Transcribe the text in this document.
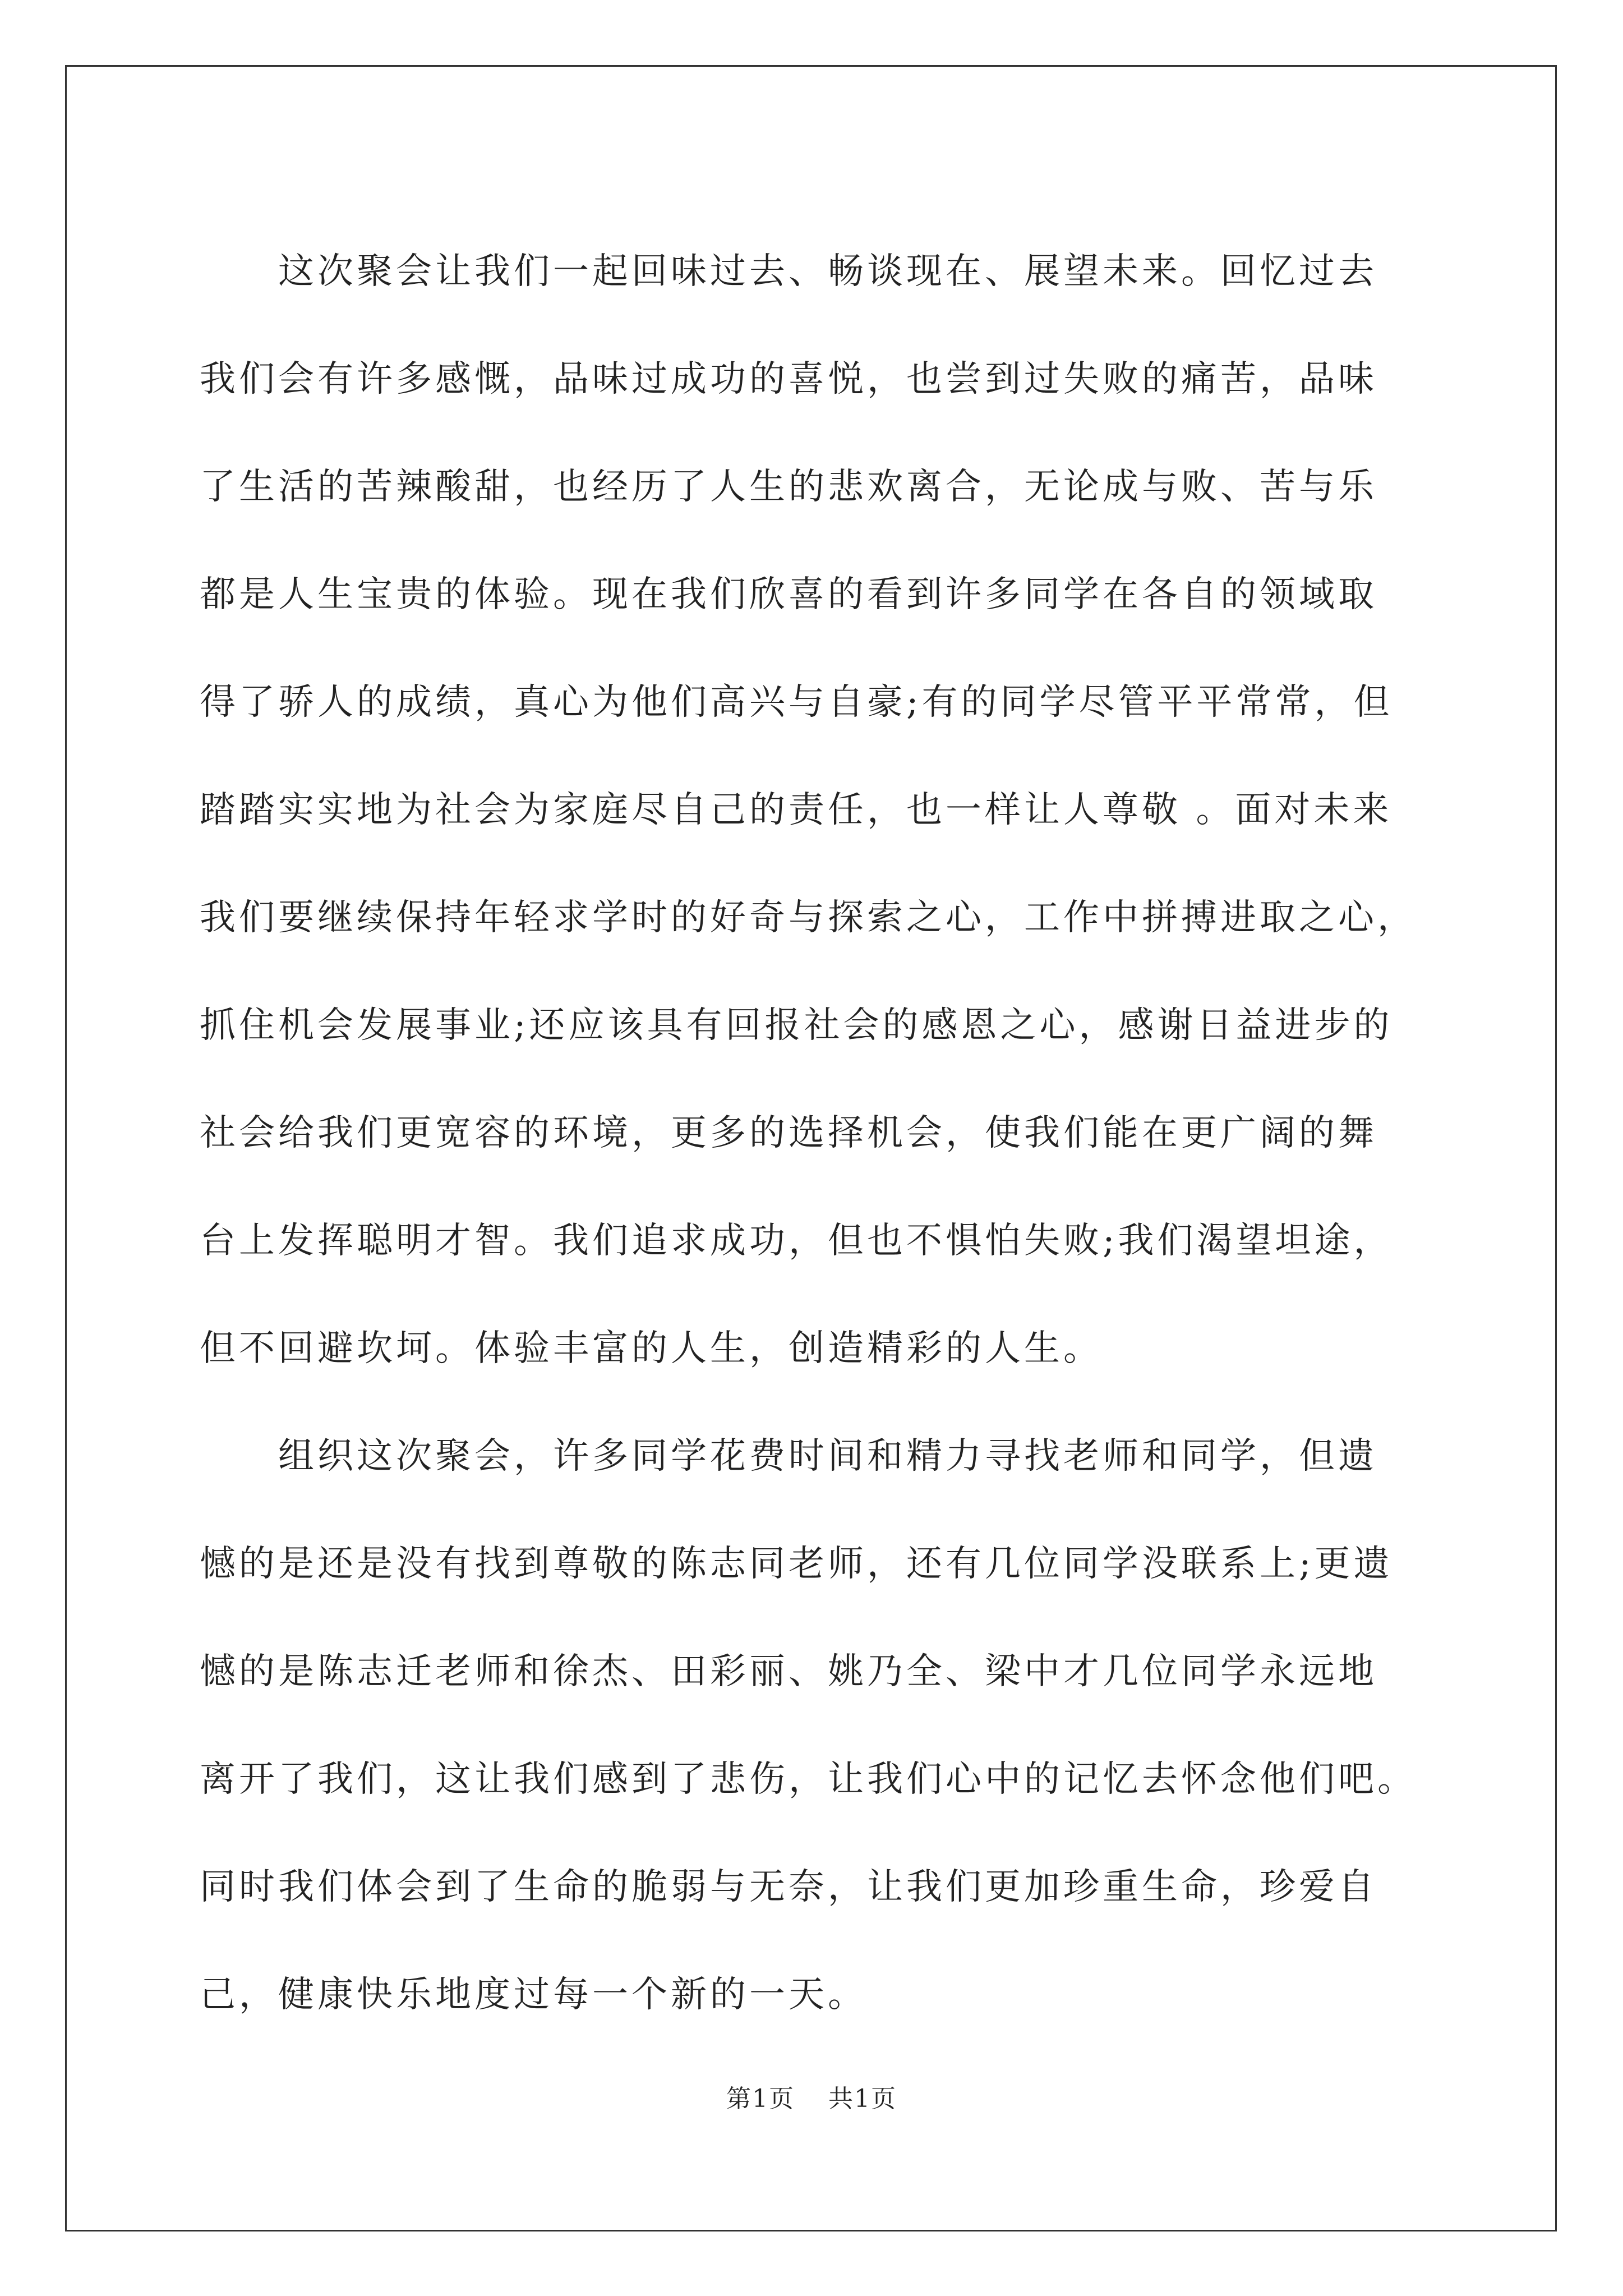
这次聚会让我们一起回味过去、畅谈现在、展望未来。回忆过去
我们会有许多感慨，品味过成功的喜悦，也尝到过失败的痛苦，品味
了生活的苦辣酸甜，也经历了人生的悲欢离合，无论成与败、苦与乐
都是人生宝贵的体验。现在我们欣喜的看到许多同学在各自的领域取
得了骄人的成绩，真心为他们高兴与自豪;有的同学尽管平平常常，但
踏踏实实地为社会为家庭尽自己的责任，也一样让人尊敬 。面对未来
我们要继续保持年轻求学时的好奇与探索之心，工作中拼搏进取之心，
抓住机会发展事业;还应该具有回报社会的感恩之心，感谢日益进步的
社会给我们更宽容的环境，更多的选择机会，使我们能在更广阔的舞
台上发挥聪明才智。我们追求成功，但也不惧怕失败;我们渴望坦途，
但不回避坎坷。体验丰富的人生，创造精彩的人生。
组织这次聚会，许多同学花费时间和精力寻找老师和同学，但遗
憾的是还是没有找到尊敬的陈志同老师，还有几位同学没联系上;更遗
憾的是陈志迁老师和徐杰、田彩丽、姚乃全、梁中才几位同学永远地
离开了我们，这让我们感到了悲伤，让我们心中的记忆去怀念他们吧。
同时我们体会到了生命的脆弱与无奈，让我们更加珍重生命，珍爱自
己，健康快乐地度过每一个新的一天。
第1页 共1页
